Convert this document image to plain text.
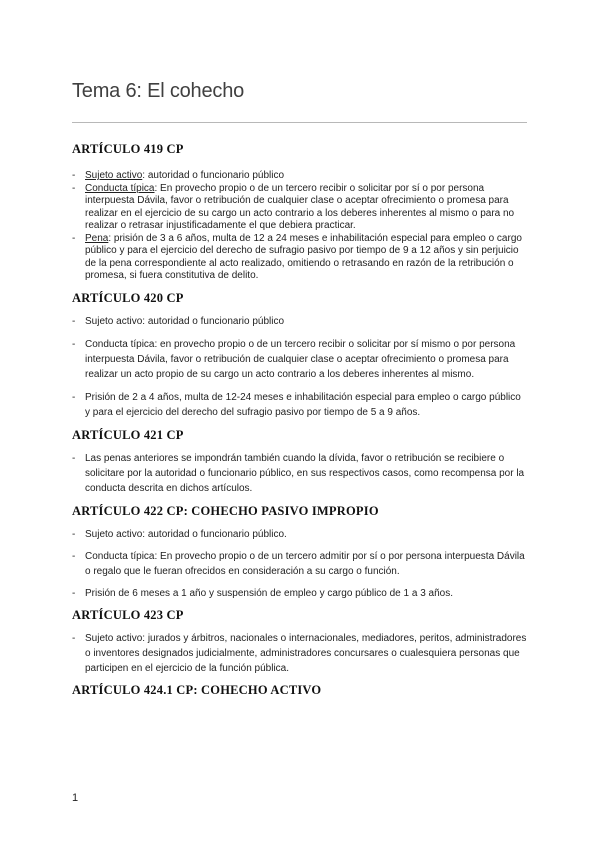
Tema 6: El cohecho
ARTÍCULO 419 CP
- Sujeto activo: autoridad o funcionario público
- Conducta típica: En provecho propio o de un tercero recibir o solicitar por sí o por persona interpuesta Dávila, favor o retribución de cualquier clase o aceptar ofrecimiento o promesa para realizar en el ejercicio de su cargo un acto contrario a los deberes inherentes al mismo o para no realizar o retrasar injustificadamente el que debiera practicar.
- Pena: prisión de 3 a 6 años, multa de 12 a 24 meses e inhabilitación especial para empleo o cargo público y para el ejercicio del derecho de sufragio pasivo por tiempo de 9 a 12 años y sin perjuicio de la pena correspondiente al acto realizado, omitiendo o retrasando en razón de la retribución o promesa, si fuera constitutiva de delito.
ARTÍCULO 420 CP
- Sujeto activo: autoridad o funcionario público
- Conducta típica: en provecho propio o de un tercero recibir o solicitar por sí mismo o por persona interpuesta Dávila, favor o retribución de cualquier clase o aceptar ofrecimiento o promesa para realizar un acto propio de su cargo un acto contrario a los deberes inherentes al mismo.
- Prisión de 2 a 4 años, multa de 12-24 meses e inhabilitación especial para empleo o cargo público y para el ejercicio del derecho del sufragio pasivo por tiempo de 5 a 9 años.
ARTÍCULO 421 CP
- Las penas anteriores se impondrán también cuando la dívida, favor o retribución se recibiere o solicitare por la autoridad o funcionario público, en sus respectivos casos, como recompensa por la conducta descrita en dichos artículos.
ARTÍCULO 422 CP: COHECHO PASIVO IMPROPIO
- Sujeto activo: autoridad o funcionario público.
- Conducta típica: En provecho propio o de un tercero admitir por sí o por persona interpuesta Dávila o regalo que le fueran ofrecidos en consideración a su cargo o función.
- Prisión de 6 meses a 1 año y suspensión de empleo y cargo público de 1 a 3 años.
ARTÍCULO 423 CP
- Sujeto activo: jurados y árbitros, nacionales o internacionales, mediadores, peritos, administradores o inventores designados judicialmente, administradores concursares o cualesquiera personas que participen en el ejercicio de la función pública.
ARTÍCULO 424.1 CP: COHECHO ACTIVO
1
